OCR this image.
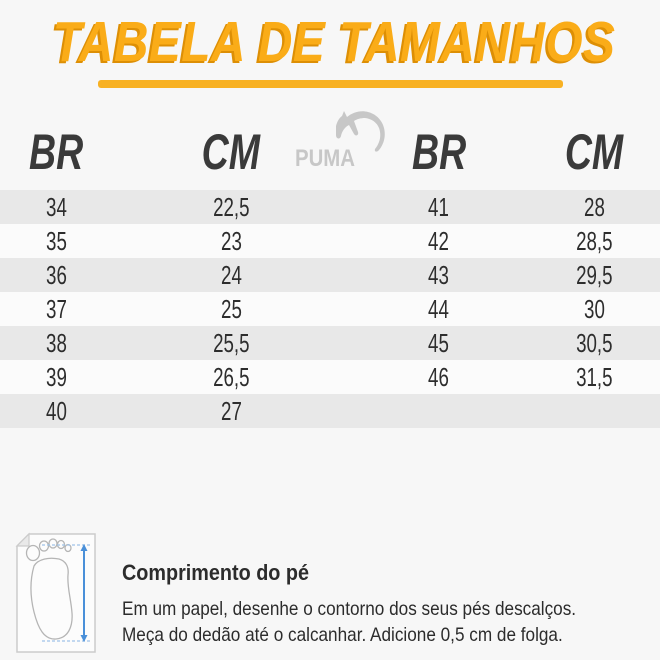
TABELA DE TAMANHOS
BR	CM	BR	CM
PUMA
34	22,5	41	28
35	23	42	28,5
36	24	43	29,5
37	25	44	30
38	25,5	45	30,5
39	26,5	46	31,5
40	27
Comprimento do pé
Em um papel, desenhe o contorno dos seus pés descalços.
Meça do dedão até o calcanhar. Adicione 0,5 cm de folga.
